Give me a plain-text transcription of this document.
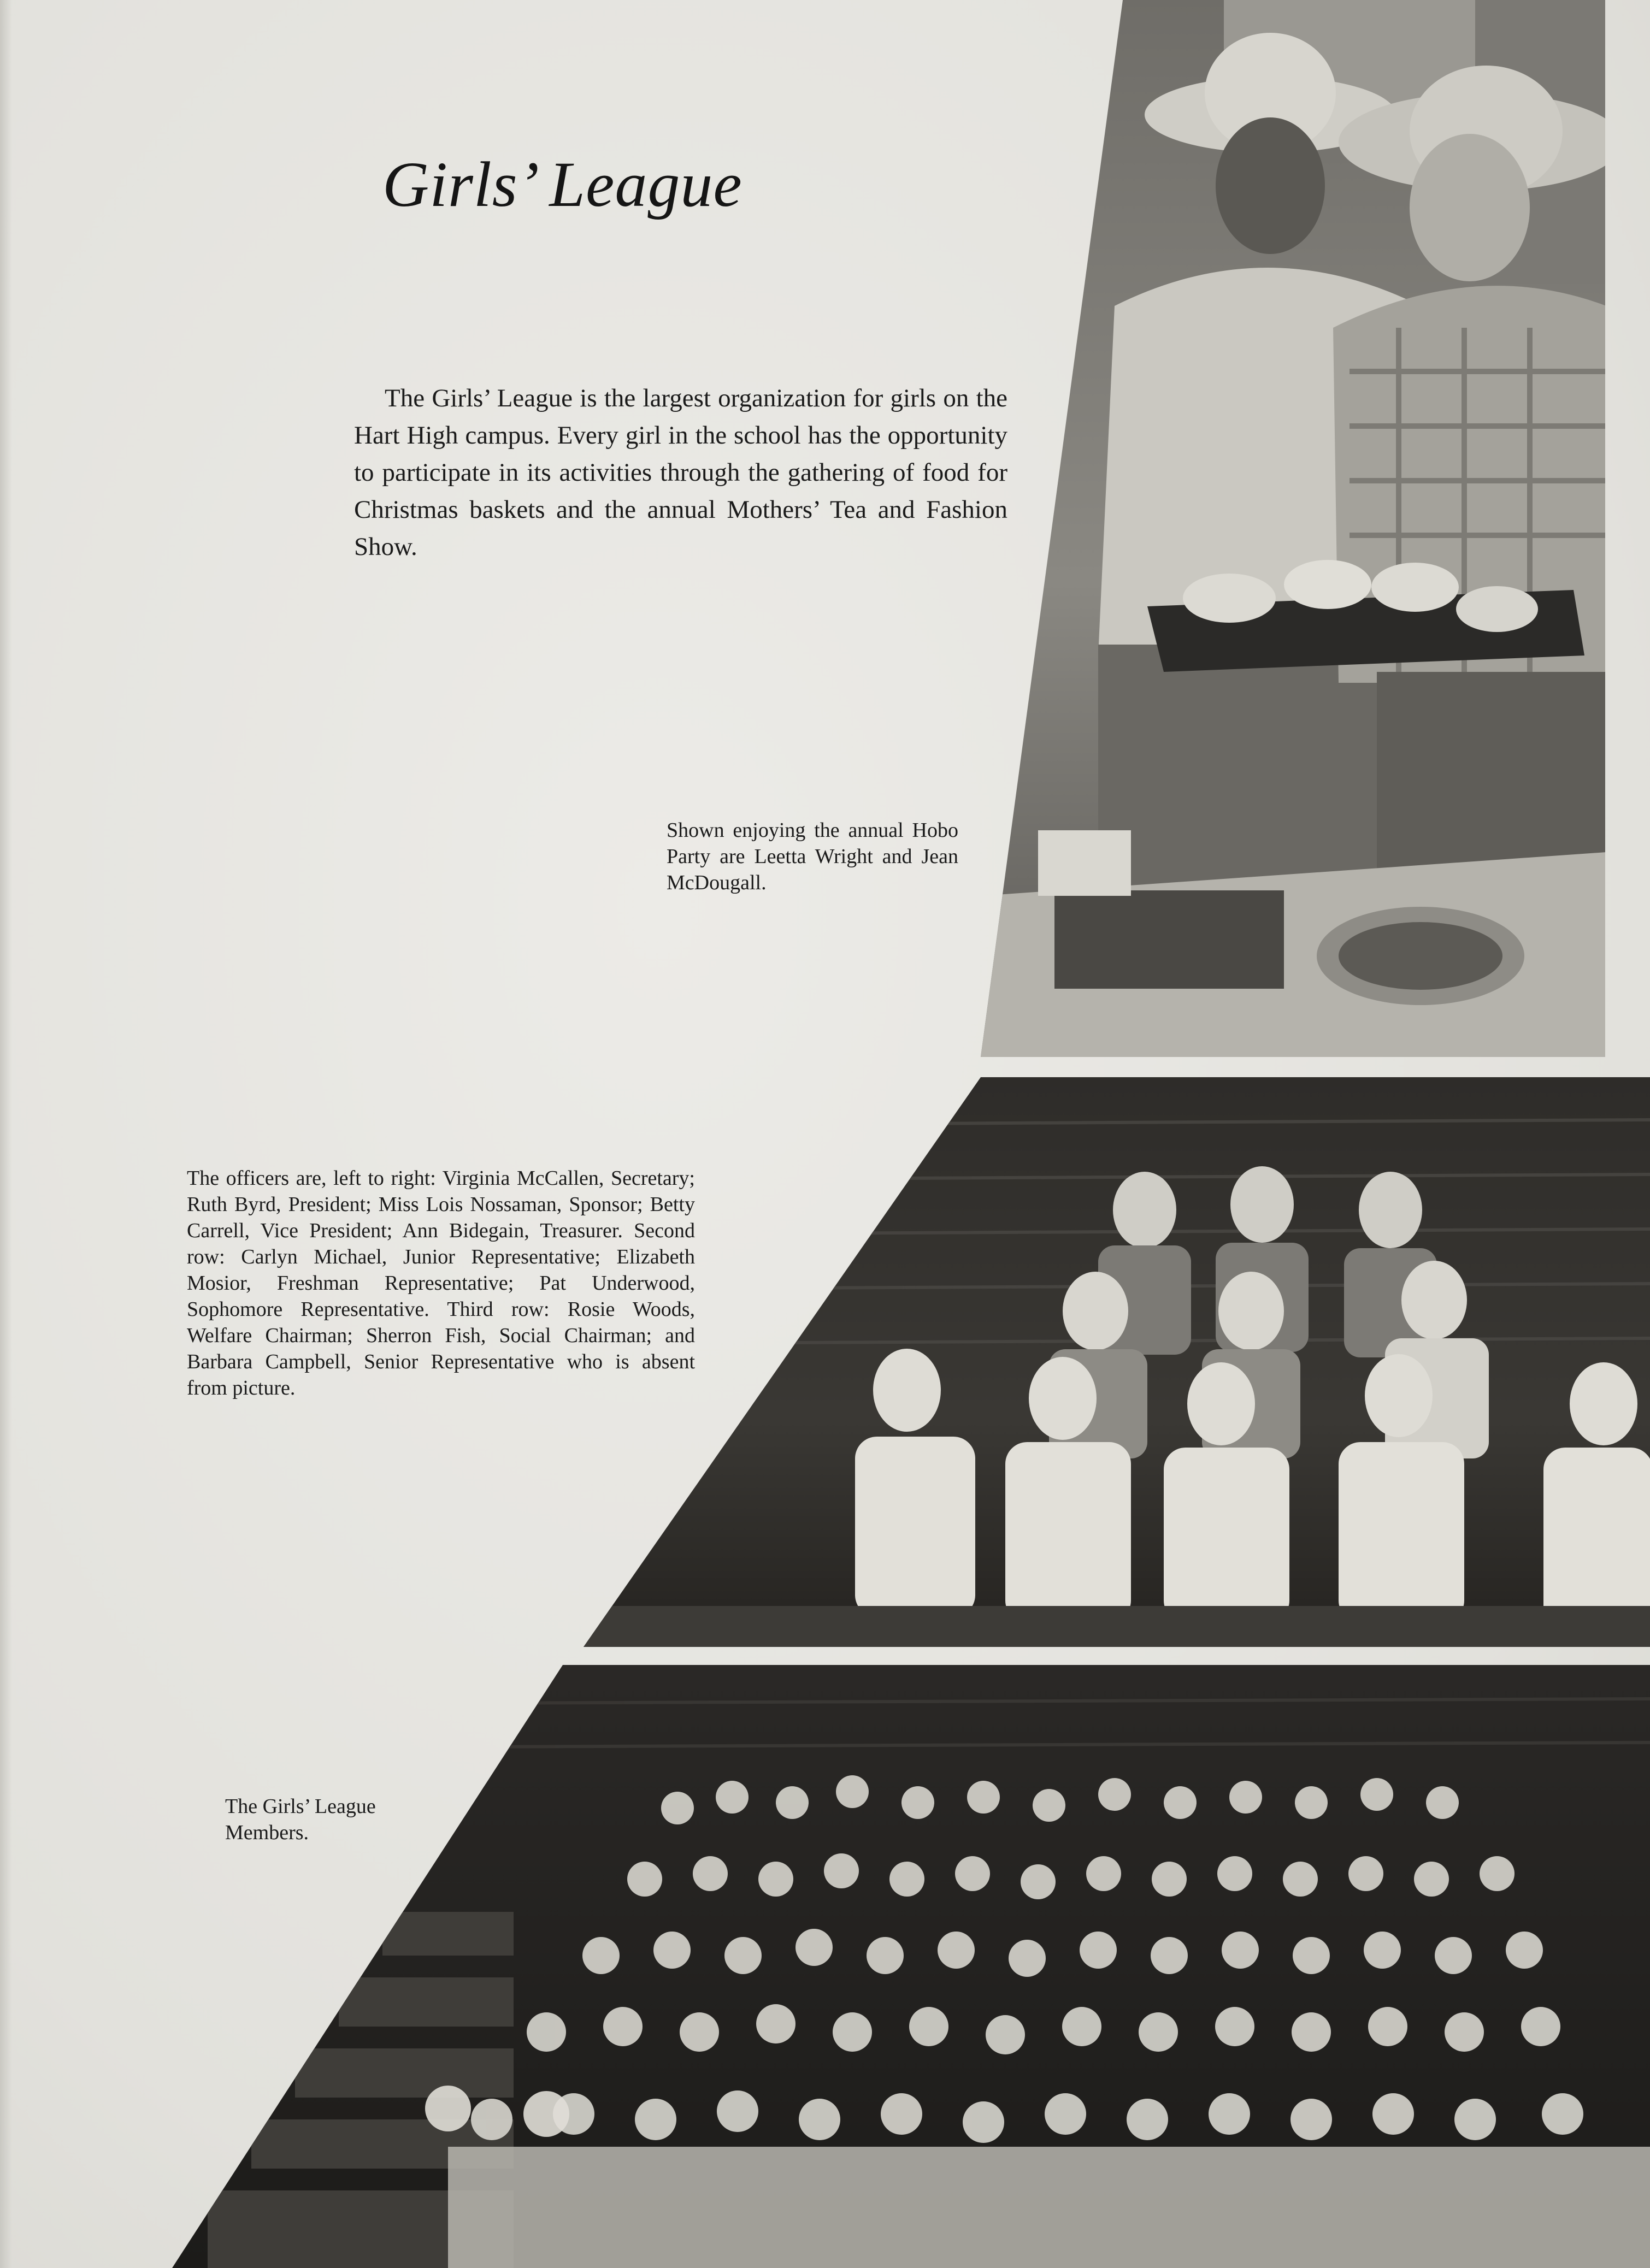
Girls’ League

The Girls’ League is the largest organization for girls on the Hart High campus. Every girl in the school has the opportunity to participate in its activities through the gathering of food for Christmas baskets and the annual Mothers’ Tea and Fashion Show.

Shown enjoying the annual Hobo Party are Leetta Wright and Jean McDougall.

The officers are, left to right: Virginia McCallen, Secretary; Ruth Byrd, President; Miss Lois Nossaman, Sponsor; Betty Carrell, Vice President; Ann Bidegain, Treasurer. Second row: Carlyn Michael, Junior Representative; Elizabeth Mosior, Freshman Representative; Pat Underwood, Sophomore Representative. Third row: Rosie Woods, Welfare Chairman; Sherron Fish, Social Chairman; and Barbara Campbell, Senior Representative who is absent from picture.

The Girls’ League Members.
